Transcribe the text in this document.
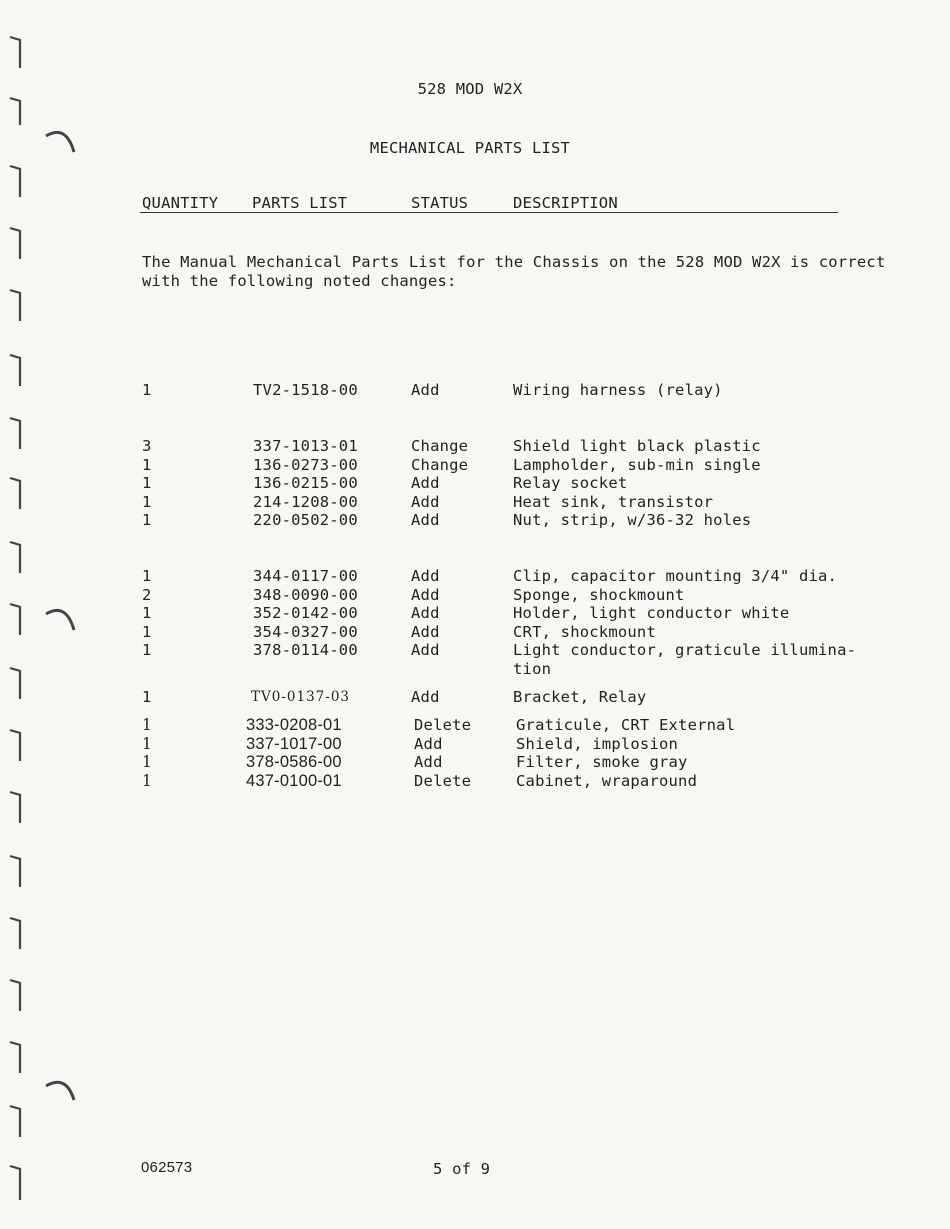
528 MOD W2X
MECHANICAL PARTS LIST
QUANTITY PARTS LIST	STATUS	DESCRIPTION
The Manual Mechanical Parts List for the Chassis on the 528 MOD W2X is correct
with the following noted changes:
1	TV2-1518-00	Add	Wiring harness (relay)
3	337-1013-01	Change	Shield light black plastic
1	136-0273-00	Change	Lampholder, sub-min single
1	136-0215-00	Add	Relay socket
1	214-1208-00	Add	Heat sink, transistor
1	220-0502-00	Add	Nut, strip, w/36-32 holes
1	344-0117-00	Add	Clip, capacitor mounting 3/4" dia.
2	348-0090-00	Add	Sponge, shockmount
1	352-0142-00	Add	Holder, light conductor white
1	354-0327-00	Add	CRT, shockmount
1	378-0114-00	Add	Light conductor, graticule illumina-
tion
1	TV0-0137-03	Add	Bracket, Relay
1	333-0208-01	Delete	Graticule, CRT External
1	337-1017-00	Add	Shield, implosion
1	378-0586-00	Add	Filter, smoke gray
1	437-0100-01	Delete	Cabinet, wraparound
062573	5 of 9
